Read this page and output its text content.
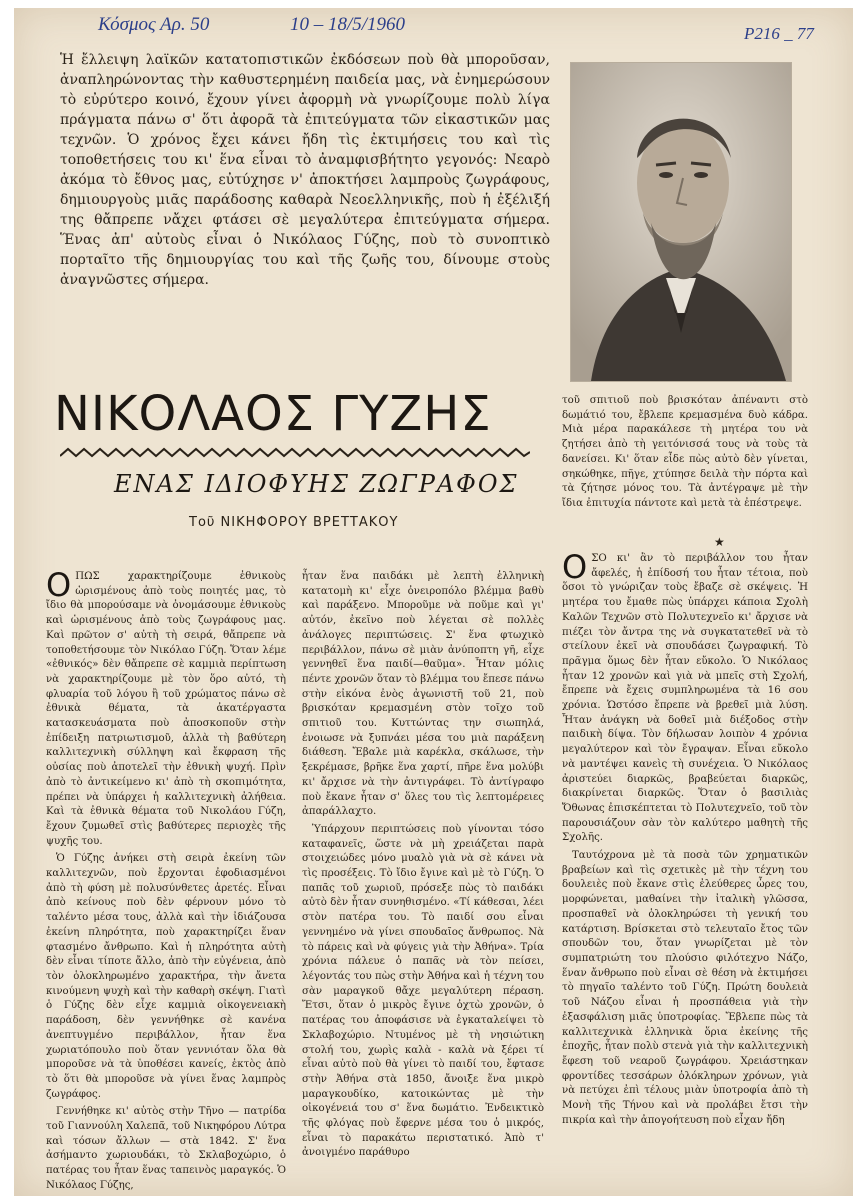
Κόσμος Αρ. 50	10 – 18/5/1960	Ρ216 _ 77

Ἡ ἔλλειψη λαϊκῶν κατατοπιστικῶν ἐκδόσεων ποὺ θὰ μποροῦσαν, ἀναπληρώνοντας τὴν καθυστερημένη παιδεία μας, νὰ ἐνημερώσουν τὸ εὐρύτερο κοινό, ἔχουν γίνει ἀφορμὴ νὰ γνωρίζουμε πολὺ λίγα πράγματα πάνω σ' ὅτι ἀφορᾶ τὰ ἐπιτεύγματα τῶν εἰκαστικῶν μας τεχνῶν. Ὁ χρόνος ἔχει κάνει ἤδη τὶς ἐκτιμήσεις του καὶ τὶς τοποθετήσεις του κι' ἕνα εἶναι τὸ ἀναμφισβήτητο γεγονός: Νεαρὸ ἀκόμα τὸ ἔθνος μας, εὐτύχησε ν' ἀποκτήσει λαμπροὺς ζωγράφους, δημιουργοὺς μιᾶς παράδοσης καθαρὰ Νεοελληνικῆς, ποὺ ἡ ἐξέλιξή της θἄπρεπε νἄχει φτάσει σὲ μεγαλύτερα ἐπιτεύγματα σήμερα. Ἕνας ἀπ' αὐτοὺς εἶναι ὁ Νικόλαος Γύζης, ποὺ τὸ συνοπτικὸ πορταῖτο τῆς δημιουργίας του καὶ τῆς ζωῆς του, δίνουμε στοὺς ἀναγνῶστες σήμερα.

ΝΙΚΟΛΑΟΣ ΓΥΖΗΣ
ΕΝΑΣ ΙΔΙΟΦΥΗΣ ΖΩΓΡΑΦΟΣ
Τοῦ ΝΙΚΗΦΟΡΟΥ ΒΡΕΤΤΑΚΟΥ

ΟΠΩΣ χαρακτηρίζουμε ἐθνικοὺς ὡρισμένους ἀπὸ τοὺς ποιητές μας, τὸ ἴδιο θὰ μπορούσαμε νὰ ὀνομάσουμε ἐθνικοὺς καὶ ὡρισμένους ἀπὸ τοὺς ζωγράφους μας. Καὶ πρῶτον σ' αὐτὴ τὴ σειρά, θἄπρεπε νὰ τοποθετήσουμε τὸν Νικόλαο Γύζη. Ὅταν λέμε «ἐθνικός» δὲν θἄπρεπε σὲ καμμιὰ περίπτωση νὰ χαρακτηρίζουμε μὲ τὸν ὅρο αὐτό, τὴ φλυαρία τοῦ λόγου ἢ τοῦ χρώματος πάνω σὲ ἐθνικὰ θέματα, τὰ ἀκατέργαστα κατασκευάσματα ποὺ ἀποσκοποῦν στὴν ἐπίδειξη πατριωτισμοῦ, ἀλλὰ τὴ βαθύτερη καλλιτεχνικὴ σύλληψη καὶ ἔκφραση τῆς οὐσίας ποὺ ἀποτελεῖ τὴν ἐθνικὴ ψυχή. Πρὶν ἀπὸ τὸ ἀντικείμενο κι' ἀπὸ τὴ σκοπιμότητα, πρέπει νὰ ὑπάρχει ἡ καλλιτεχνικὴ ἀλήθεια. Καὶ τὰ ἐθνικὰ θέματα τοῦ Νικολάου Γύζη, ἔχουν ζυμωθεῖ στὶς βαθύτερες περιοχὲς τῆς ψυχῆς του.

Ὁ Γύζης ἀνήκει στὴ σειρὰ ἐκείνη τῶν καλλιτεχνῶν, ποὺ ἔρχονται ἐφοδιασμένοι ἀπὸ τὴ φύση μὲ πολυσύνθετες ἀρετές. Εἶναι ἀπὸ κείνους ποὺ δὲν φέρνουν μόνο τὸ ταλέντο μέσα τους, ἀλλὰ καὶ τὴν ἰδιάζουσα ἐκείνη πληρότητα, ποὺ χαρακτηρίζει ἕναν φτασμένο ἄνθρωπο. Καὶ ἡ πληρότητα αὐτὴ δὲν εἶναι τίποτε ἄλλο, ἀπὸ τὴν εὐγένεια, ἀπὸ τὸν ὁλοκληρωμένο χαρακτήρα, τὴν ἄνετα κινούμενη ψυχὴ καὶ τὴν καθαρὴ σκέψη. Γιατὶ ὁ Γύζης δὲν εἶχε καμμιὰ οἰκογενειακὴ παράδοση, δὲν γεννήθηκε σὲ κανένα ἀνεπτυγμένο περιβάλλον, ἦταν ἕνα χωριατόπουλο ποὺ ὅταν γεννιόταν ὅλα θὰ μποροῦσε νὰ τὰ ὑποθέσει κανείς, ἐκτὸς ἀπὸ τὸ ὅτι θὰ μποροῦσε νὰ γίνει ἕνας λαμπρὸς ζωγράφος.

Γεννήθηκε κι' αὐτὸς στὴν Τῆνο — πατρίδα τοῦ Γιαννούλη Χαλεπᾶ, τοῦ Νικηφόρου Λύτρα καὶ τόσων ἄλλων — στὰ 1842. Σ' ἕνα ἀσήμαντο χωριουδάκι, τὸ Σκλαβοχώριο, ὁ πατέρας του ἦταν ἕνας ταπεινὸς μαραγκός. Ὁ Νικόλαος Γύζης,

ἦταν ἕνα παιδάκι μὲ λεπτὴ ἑλληνικὴ κατατομὴ κι' εἶχε ὀνειροπόλο βλέμμα βαθὺ καὶ παράξενο. Μποροῦμε νὰ ποῦμε καὶ γι' αὐτόν, ἐκεῖνο ποὺ λέγεται σὲ πολλὲς ἀνάλογες περιπτώσεις. Σ' ἕνα φτωχικὸ περιβάλλον, πάνω σὲ μιὰν ἀνύποπτη γῆ, εἶχε γεννηθεῖ ἕνα παιδί—θαῦμα». Ἦταν μόλις πέντε χρονῶν ὅταν τὸ βλέμμα του ἔπεσε πάνω στὴν εἰκόνα ἐνὸς ἀγωνιστῆ τοῦ 21, ποὺ βρισκόταν κρεμασμένη στὸν τοῖχο τοῦ σπιτιοῦ του. Κυττώντας την σιωπηλά, ἐνοιωσε νὰ ξυπνάει μέσα του μιὰ παράξενη διάθεση. Ἔβαλε μιὰ καρέκλα, σκάλωσε, τὴν ξεκρέμασε, βρῆκε ἕνα χαρτί, πῆρε ἕνα μολύβι κι' ἄρχισε νὰ τὴν ἀντιγράφει. Τὸ ἀντίγραφο ποὺ ἔκανε ἦταν σ' ὅλες του τὶς λεπτομέρειες ἀπαράλλαχτο.

Ὑπάρχουν περιπτώσεις ποὺ γίνονται τόσο καταφανεῖς, ὥστε νὰ μὴ χρειάζεται παρὰ στοιχειώδες μόνο μυαλὸ γιὰ νὰ σὲ κάνει νὰ τὶς προσέξεις. Τὸ ἴδιο ἔγινε καὶ μὲ τὸ Γύζη. Ὁ παπᾶς τοῦ χωριοῦ, πρόσεξε πὼς τὸ παιδάκι αὐτὸ δὲν ἦταν συνηθισμένο. «Τί κάθεσαι, λέει στὸν πατέρα του. Τὸ παιδί σου εἶναι γεννημένο νὰ γίνει σπουδαῖος ἄνθρωπος. Νὰ τὸ πάρεις καὶ νὰ φύγεις γιὰ τὴν Ἀθήνα». Τρία χρόνια πάλευε ὁ παπᾶς νὰ τὸν πείσει, λέγοντάς του πὼς στὴν Ἀθήνα καὶ ἡ τέχνη του σὰν μαραγκοῦ θἄχε μεγαλύτερη πέραση. Ἔτσι, ὅταν ὁ μικρὸς ἔγινε ὀχτὼ χρονῶν, ὁ πατέρας του ἀποφάσισε νὰ ἐγκαταλείψει τὸ Σκλαβοχώριο. Ντυμένος μὲ τὴ νησιώτικη στολή του, χωρὶς καλὰ - καλὰ νὰ ξέρει τί εἶναι αὐτὸ ποὺ θὰ γίνει τὸ παιδί του, ἔφτασε στὴν Ἀθήνα στὰ 1850, ἄνοιξε ἕνα μικρὸ μαραγκουδίκο, κατοικώντας μὲ τὴν οἰκογένειά του σ' ἕνα δωμάτιο. Ἐνδεικτικὸ τῆς φλόγας ποὺ ἔφερνε μέσα του ὁ μικρός, εἶναι τὸ παρακάτω περιστατικό. Ἀπὸ τ' ἀνοιγμένο παράθυρο

τοῦ σπιτιοῦ ποὺ βρισκόταν ἀπέναντι στὸ δωμάτιό του, ἔβλεπε κρεμασμένα δυὸ κάδρα. Μιὰ μέρα παρακάλεσε τὴ μητέρα του νὰ ζητήσει ἀπὸ τὴ γειτόνισσά τους νὰ τοὺς τὰ δανείσει. Κι' ὅταν εἶδε πὼς αὐτὸ δὲν γίνεται, σηκώθηκε, πῆγε, χτύπησε δειλὰ τὴν πόρτα καὶ τὰ ζήτησε μόνος του. Τὰ ἀντέγραψε μὲ τὴν ἴδια ἐπιτυχία πάντοτε καὶ μετὰ τὰ ἐπέστρεψε.

★

ΟΣΟ κι' ἂν τὸ περιβάλλον του ἦταν ἄφελές, ἡ ἐπίδοσή του ἦταν τέτοια, ποὺ ὅσοι τὸ γνώριζαν τοὺς ἔβαζε σὲ σκέψεις. Ἡ μητέρα του ἔμαθε πὼς ὑπάρχει κάποια Σχολὴ Καλῶν Τεχνῶν στὸ Πολυτεχνεῖο κι' ἄρχισε νὰ πιέζει τὸν ἄντρα της νὰ συγκατατεθεῖ νὰ τὸ στείλουν ἐκεῖ νὰ σπουδάσει ζωγραφική. Τὸ πρᾶγμα ὅμως δὲν ἦταν εὔκολο. Ὁ Νικόλαος ἦταν 12 χρονῶν καὶ γιὰ νὰ μπεῖς στὴ Σχολή, ἔπρεπε νὰ ἔχεις συμπληρωμένα τὰ 16 σου χρόνια. Ὡστόσο ἔπρεπε νὰ βρεθεῖ μιὰ λύση. Ἦταν ἀνάγκη νὰ δοθεῖ μιὰ διέξοδος στὴν παιδικὴ δίψα. Τὸν δήλωσαν λοιπὸν 4 χρόνια μεγαλύτερον καὶ τὸν ἔγραψαν. Εἶναι εὔκολο νὰ μαντέψει κανεὶς τὴ συνέχεια. Ὁ Νικόλαος ἀριστεύει διαρκῶς, βραβεύεται διαρκῶς, διακρίνεται διαρκῶς. Ὅταν ὁ βασιλιὰς Ὄθωνας ἐπισκέπτεται τὸ Πολυτεχνεῖο, τοῦ τὸν παρουσιάζουν σὰν τὸν καλύτερο μαθητὴ τῆς Σχολῆς.

Ταυτόχρονα μὲ τὰ ποσὰ τῶν χρηματικῶν βραβείων καὶ τὶς σχετικὲς μὲ τὴν τέχνη του δουλειὲς ποὺ ἔκανε στὶς ἐλεύθερες ὧρες του, μορφώνεται, μαθαίνει τὴν ἰταλικὴ γλῶσσα, προσπαθεῖ νὰ ὁλοκληρώσει τὴ γενική του κατάρτιση. Βρίσκεται στὸ τελευταῖο ἔτος τῶν σπουδῶν του, ὅταν γνωρίζεται μὲ τὸν συμπατριώτη του πλούσιο φιλότεχνο Νάζο, ἕναν ἄνθρωπο ποὺ εἶναι σὲ θέση νὰ ἐκτιμήσει τὸ πηγαῖο ταλέντο τοῦ Γύζη. Πρώτη δουλειὰ τοῦ Νάζου εἶναι ἡ προσπάθεια γιὰ τὴν ἐξασφάλιση μιᾶς ὑποτροφίας. Ἔβλεπε πὼς τὰ καλλιτεχνικὰ ἑλληνικὰ ὅρια ἐκείνης τῆς ἐποχῆς, ἦταν πολὺ στενὰ γιὰ τὴν καλλιτεχνικὴ ἔφεση τοῦ νεαροῦ ζωγράφου. Χρειάστηκαν φροντίδες τεσσάρων ὁλόκληρων χρόνων, γιὰ νὰ πετύχει ἐπὶ τέλους μιὰν ὑποτροφία ἀπὸ τὴ Μονὴ τῆς Τήνου καὶ νὰ προλάβει ἔτσι τὴν πικρία καὶ τὴν ἀπογοήτευση ποὺ εἶχαν ἤδη
